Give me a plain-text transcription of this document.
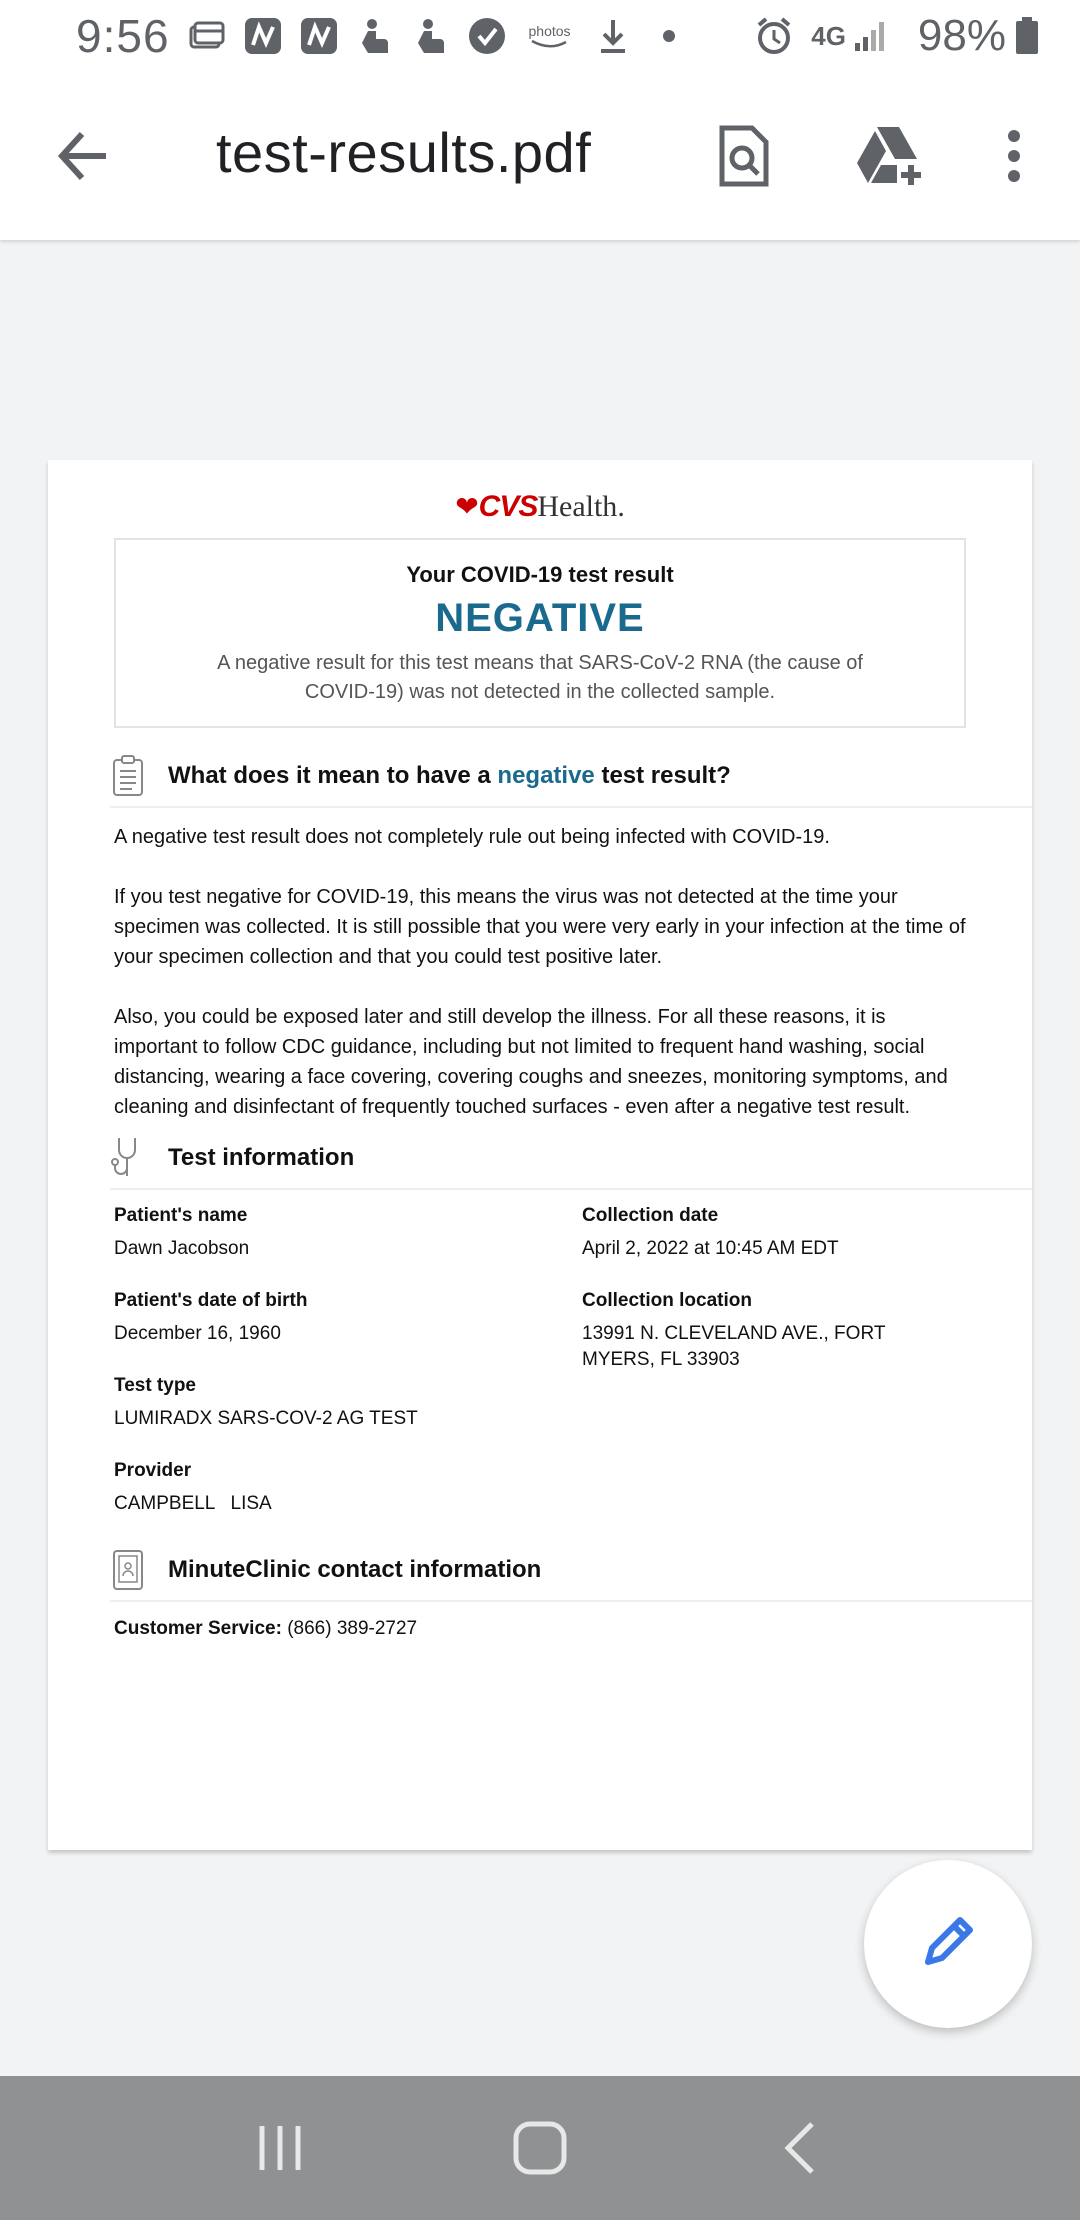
9:56	photos	4G 98%
test-results.pdf
❤CVSHealth.
Your COVID-19 test result
NEGATIVE
A negative result for this test means that SARS-CoV-2 RNA (the cause of COVID-19) was not detected in the collected sample.
What does it mean to have a negative test result?
A negative test result does not completely rule out being infected with COVID-19.
If you test negative for COVID-19, this means the virus was not detected at the time your specimen was collected. It is still possible that you were very early in your infection at the time of your specimen collection and that you could test positive later.
Also, you could be exposed later and still develop the illness. For all these reasons, it is important to follow CDC guidance, including but not limited to frequent hand washing, social distancing, wearing a face covering, covering coughs and sneezes, monitoring symptoms, and cleaning and disinfectant of frequently touched surfaces - even after a negative test result.
Test information
Patient's name
Dawn Jacobson
Collection date
April 2, 2022 at 10:45 AM EDT
Patient's date of birth
December 16, 1960
Collection location
13991 N. CLEVELAND AVE., FORT
MYERS, FL 33903
Test type
LUMIRADX SARS-COV-2 AG TEST
Provider
CAMPBELL   LISA
MinuteClinic contact information
Customer Service: (866) 389-2727
